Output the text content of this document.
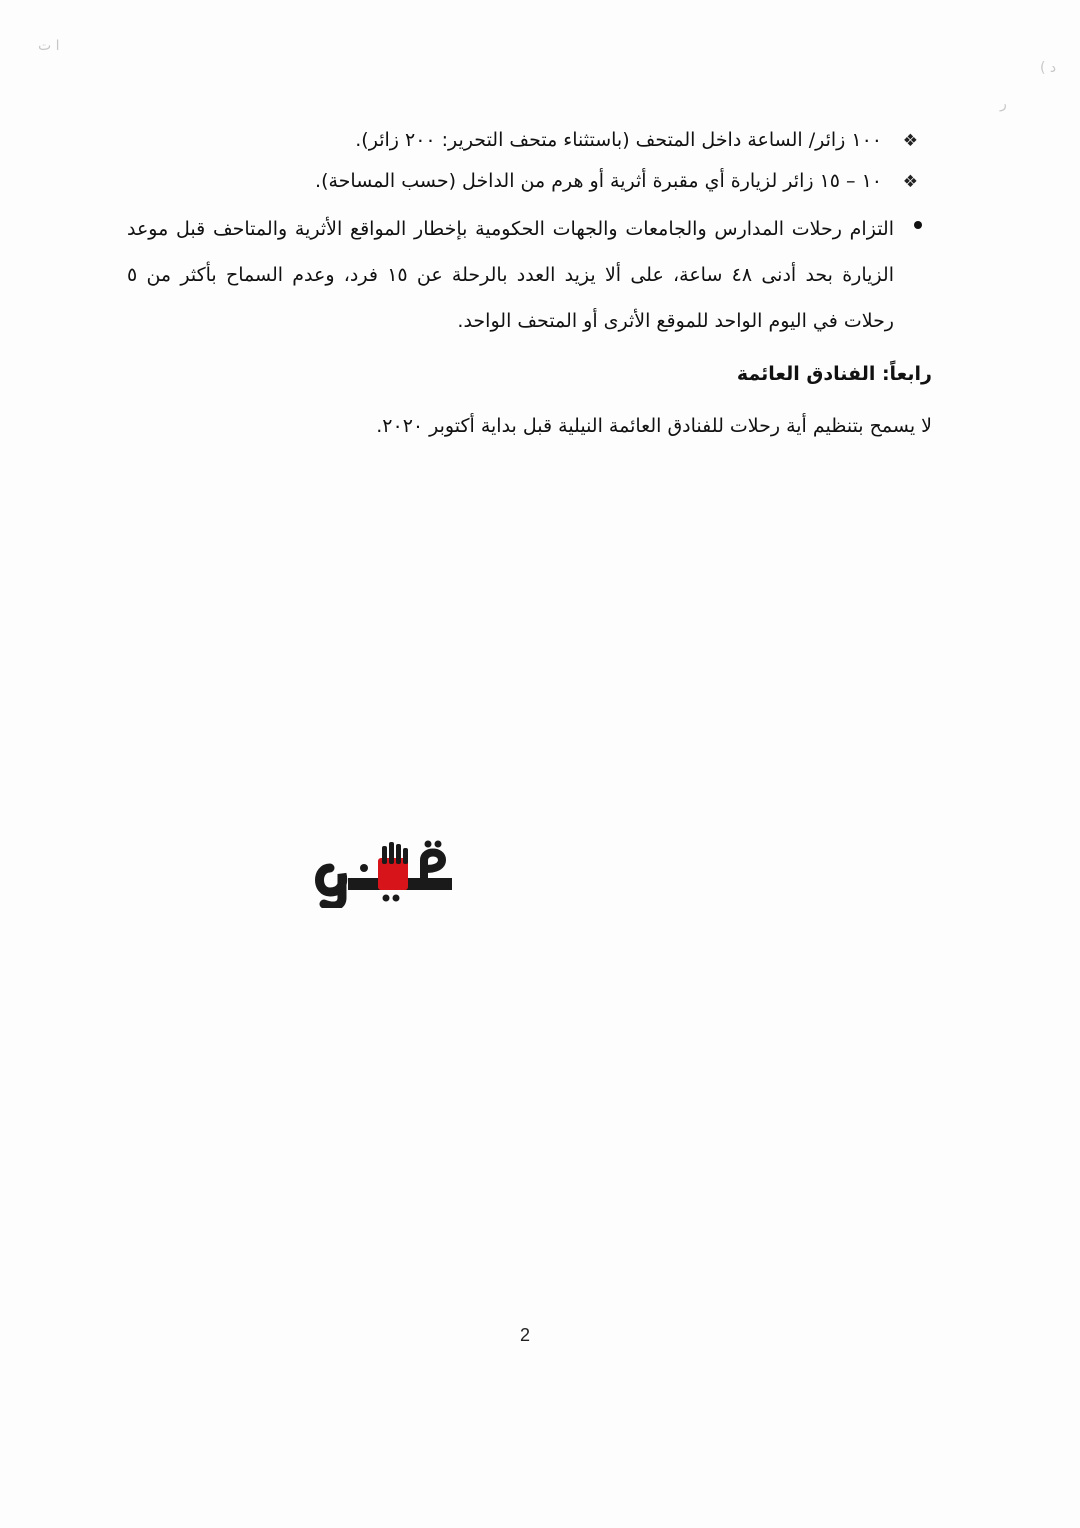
ﺍ ﺕ
( ﺩ
ﺭ
❖١٠٠ زائر/ الساعة داخل المتحف (باستثناء متحف التحرير: ٢٠٠ زائر).
❖١٠ – ١٥ زائر لزيارة أي مقبرة أثرية أو هرم من الداخل (حسب المساحة).
التزام رحلات المدارس والجامعات والجهات الحكومية بإخطار المواقع الأثرية والمتاحف قبل موعد الزيارة بحد أدنى ٤٨ ساعة، على ألا يزيد العدد بالرحلة عن ١٥ فرد، وعدم السماح بأكثر من ٥ رحلات في اليوم الواحد للموقع الأثرى أو المتحف الواحد.
رابعاً: الفنادق العائمة
لا يسمح بتنظيم أية رحلات للفنادق العائمة النيلية قبل بداية أكتوبر ٢٠٢٠.
2
